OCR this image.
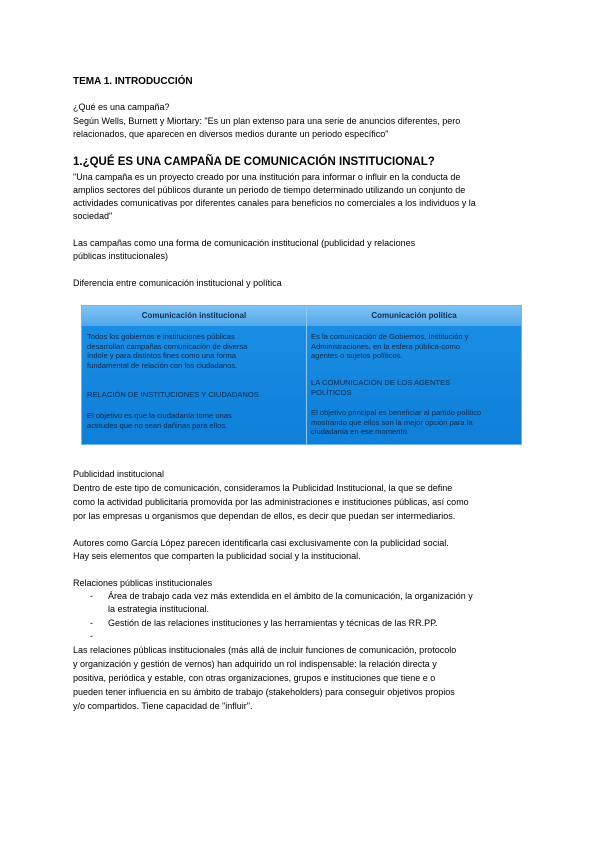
TEMA 1. INTRODUCCIÓN
¿Qué es una campaña?
Según Wells, Burnett y Miortary: "Es un plan extenso para una serie de anuncios diferentes, pero
relacionados, que aparecen en diversos medios durante un periodo específico"
1.¿QUÉ ES UNA CAMPAÑA DE COMUNICACIÓN INSTITUCIONAL?
"Una campaña es un proyecto creado por una institución para informar o influir en la conducta de
amplios sectores del públicos durante un periodo de tiempo determinado utilizando un conjunto de
actividades comunicativas por diferentes canales para beneficios no comerciales a los individuos y la
sociedad"
Las campañas como una forma de comunicación institucional (publicidad y relaciones
públicas institucionales)
Diferencia entre comunicación institucional y política
Comunicación institucional	Comunicación política
Todos los gobiernos e instituciones públicas
desarrollan campañas comunicación de diversa
índole y para distintos fines como una forma
fundamental de relación con los ciudadanos.
RELACIÓN DE INSTITUCIONES Y CIUDADANOS
El objetivo es que la ciudadanía tome unas
actitudes que no sean dañinas para ellos.
Es la comunicación de Gobiernos, Institución y
Administraciones, en la esfera pública-como
agentes o sujetos políticos.
LA COMUNICACIÓN DE LOS AGENTES
POLÍTICOS
El objetivo principal es beneficiar al partido político
mostrando que ellos son la mejor opción para la
ciudadanía en ese momento.
Publicidad institucional
Dentro de este tipo de comunicación, consideramos la Publicidad Institucional, la que se define
como la actividad publicitaria promovida por las administraciones e instituciones públicas, así como
por las empresas u organismos que dependan de ellos, es decir que puedan ser intermediarios.
Autores como García López parecen identificarla casi exclusivamente con la publicidad social.
Hay seis elementos que comparten la publicidad social y la institucional.
Relaciones públicas institucionales
- Área de trabajo cada vez más extendida en el ámbito de la comunicación, la organización y
la estrategia institucional.
- Gestión de las relaciones instituciones y las herramientas y técnicas de las RR.PP.
-
Las relaciones públicas institucionales (más allá de incluir funciones de comunicación, protocolo
y organización y gestión de vernos) han adquirido un rol indispensable: la relación directa y
positiva, periódica y estable, con otras organizaciones, grupos e instituciones que tiene e o
pueden tener influencia en su ámbito de trabajo (stakeholders) para conseguir objetivos propios
y/o compartidos. Tiene capacidad de "influir".
